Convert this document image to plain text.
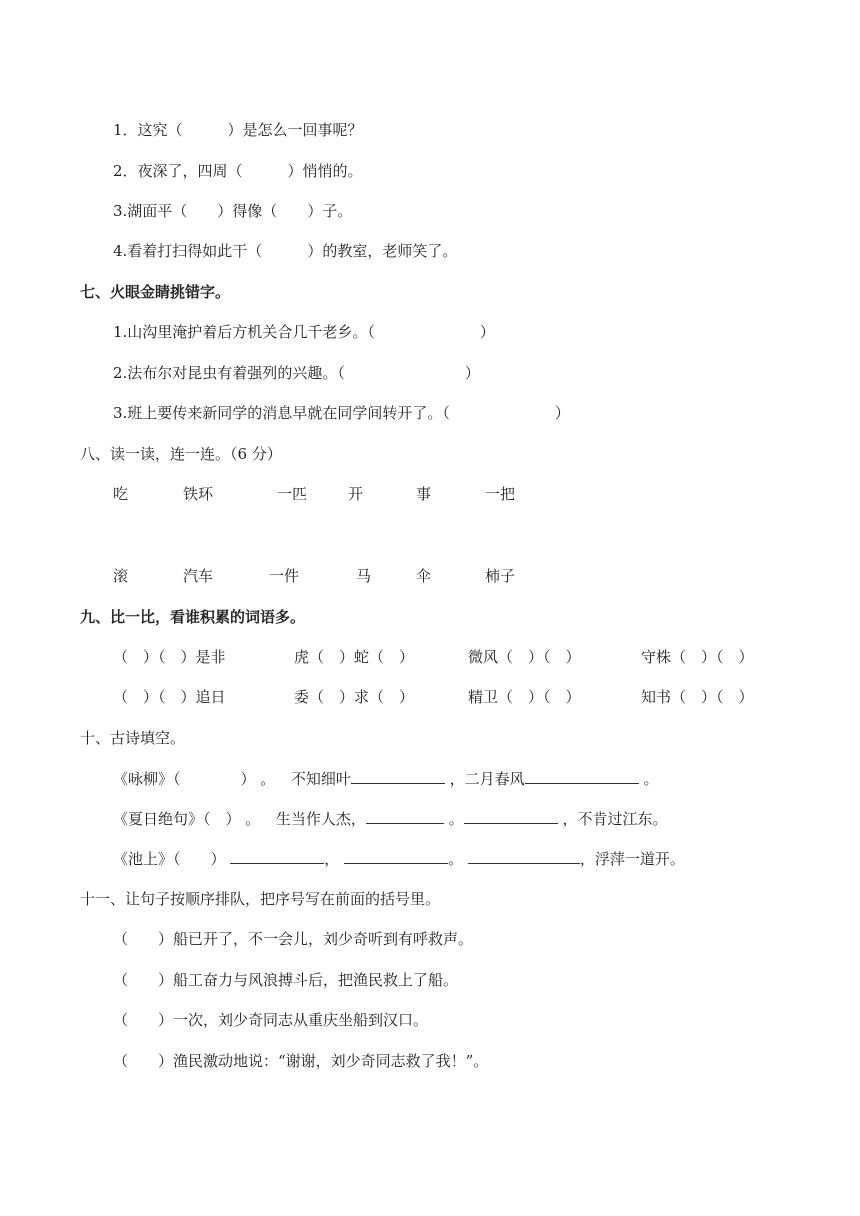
1．这究（　　　）是怎么一回事呢？
2．夜深了，四周（　　　）悄悄的。
3.湖面平（　　）得像（　　）子。
4.看着打扫得如此干（　　　）的教室，老师笑了。
七、火眼金睛挑错字。
1.山沟里淹护着后方机关合几千老乡。（　　　　　　　）
2.法布尔对昆虫有着强列的兴趣。（　　　　　　　　）
3.班上要传来新同学的消息早就在同学间转开了。（　　　　　　　）
八、读一读，连一连。（6 分）
吃	铁环	一匹	开	事	一把
滚	汽车	一件	马	伞	柿子
九、比一比，看谁积累的词语多。
（　）（　）是非	虎（　）蛇（　）	微风（　）（　）	守株（　）（　）
（　）（　）追日	委（　）求（　）	精卫（　）（　）	知书（　）（　）
十、古诗填空。
《咏柳》（　　　　） 。 不知细叶	，二月春风	。
《夏日绝句》（　） 。 生当作人杰，	。	，不肯过江东。
《池上》（　　）	，	。	，浮萍一道开。
十一、让句子按顺序排队，把序号写在前面的括号里。
（　　）船已开了，不一会儿，刘少奇听到有呼救声。
（　　）船工奋力与风浪搏斗后，把渔民救上了船。
（　　）一次，刘少奇同志从重庆坐船到汉口。
（　　）渔民激动地说：“谢谢，刘少奇同志救了我！”。
